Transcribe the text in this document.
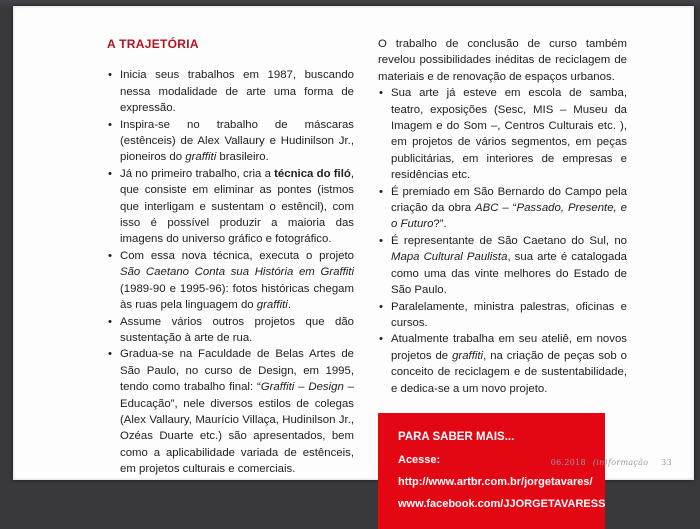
A TRAJETÓRIA
• Inicia seus trabalhos em 1987, buscando nessa modalidade de arte uma forma de expressão.
• Inspira-se no trabalho de máscaras (estênceis) de Alex Vallaury e Hudinilson Jr., pioneiros do graffiti brasileiro.
• Já no primeiro trabalho, cria a técnica do filó, que consiste em eliminar as pontes (istmos que interligam e sustentam o estêncil), com isso é possível produzir a maioria das imagens do universo gráfico e fotográfico.
• Com essa nova técnica, executa o projeto São Caetano Conta sua História em Graffiti (1989-90 e 1995-96): fotos históricas chegam às ruas pela linguagem do graffiti.
• Assume vários outros projetos que dão sustentação à arte de rua.
• Gradua-se na Faculdade de Belas Artes de São Paulo, no curso de Design, em 1995, tendo como trabalho final: “Graffiti – Design – Educação”, nele diversos estilos de colegas (Alex Vallaury, Maurício Villaça, Hudinilson Jr., Ozéas Duarte etc.) são apresentados, bem como a aplicabilidade variada de estênceis, em projetos culturais e comerciais.

O trabalho de conclusão de curso também revelou possibilidades inéditas de reciclagem de materiais e de renovação de espaços urbanos.

• Sua arte já esteve em escola de samba, teatro, exposições (Sesc, MIS – Museu da Imagem e do Som –, Centros Culturais etc. ), em projetos de vários segmentos, em peças publicitárias, em interiores de empresas e residências etc.
• É premiado em São Bernardo do Campo pela criação da obra ABC – “Passado, Presente, e o Futuro?”.
• É representante de São Caetano do Sul, no Mapa Cultural Paulista, sua arte é catalogada como uma das vinte melhores do Estado de São Paulo.
• Paralelamente, ministra palestras, oficinas e cursos.
• Atualmente trabalha em seu ateliê, em novos projetos de graffiti, na criação de peças sob o conceito de reciclagem e de sustentabilidade, e dedica-se a um novo projeto.
PARA SABER MAIS...
Acesse:
http://www.artbr.com.br/jorgetavares/
www.facebook.com/JJORGETAVARESS
06.2018 (in)formação 33
